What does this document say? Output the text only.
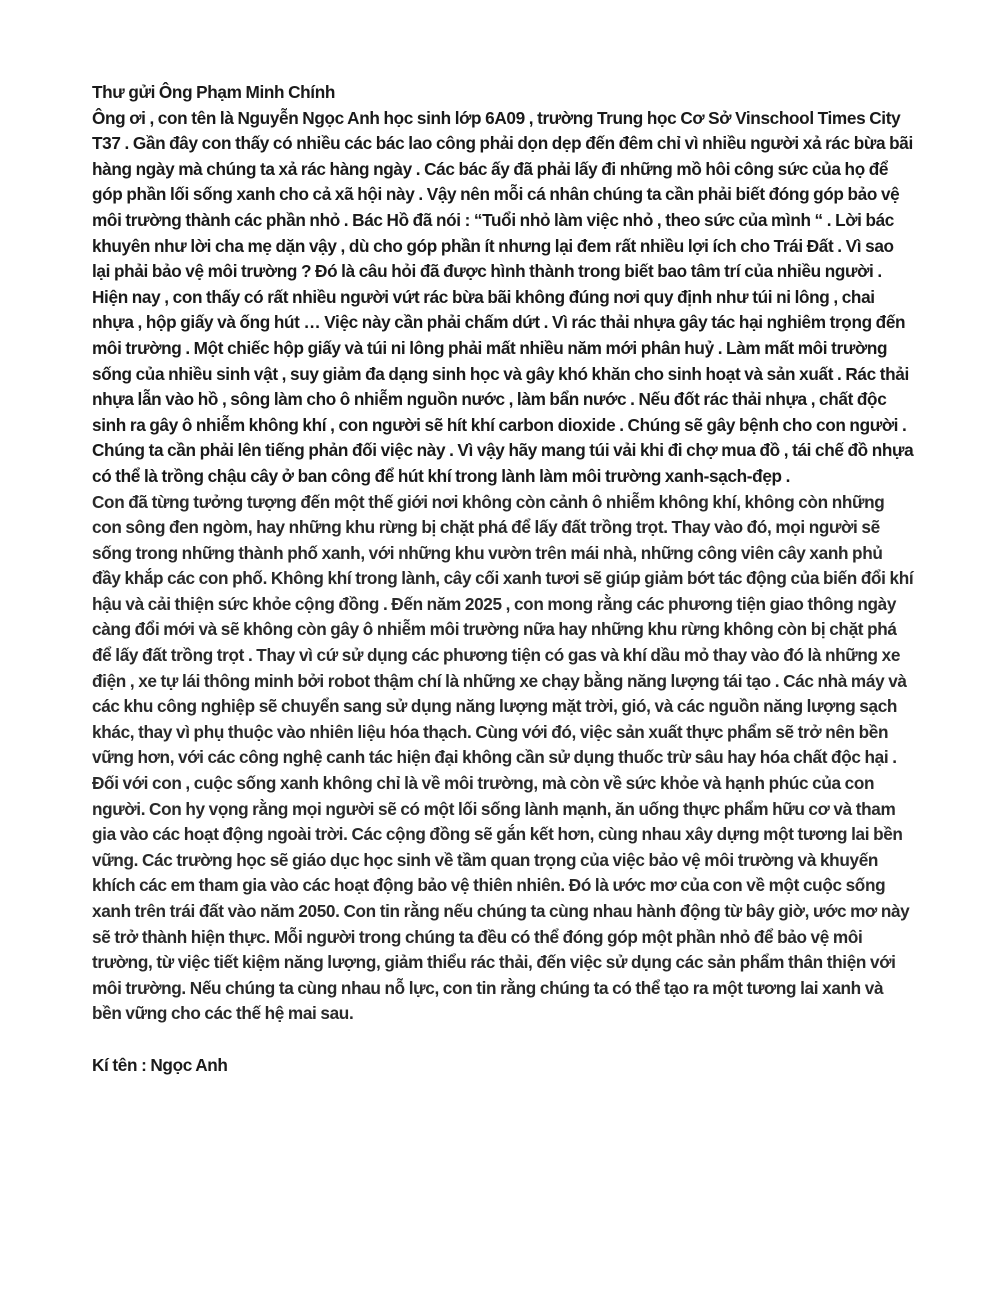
Thư gửi Ông Phạm Minh Chính

Ông ơi , con tên là Nguyễn Ngọc Anh học sinh lớp 6A09 , trường Trung học Cơ Sở Vinschool Times City T37 . Gần đây con thấy có nhiều các bác lao công phải dọn dẹp đến đêm chỉ vì nhiều người xả rác bừa bãi hàng ngày mà chúng ta xả rác hàng ngày . Các bác ấy đã phải lấy đi những mồ hôi công sức của họ để góp phần lối sống xanh cho cả xã hội này . Vậy nên mỗi cá nhân chúng ta cần phải biết đóng góp bảo vệ môi trường thành các phần nhỏ . Bác Hồ đã nói : “Tuổi nhỏ làm việc nhỏ , theo sức của mình “ . Lời bác khuyên như lời cha mẹ dặn vậy , dù cho góp phần ít nhưng lại đem rất nhiều lợi ích cho Trái Đất . Vì sao lại phải bảo vệ môi trường ? Đó là câu hỏi đã được hình thành trong biết bao tâm trí của nhiều người . Hiện nay , con thấy có rất nhiều người vứt rác bừa bãi không đúng nơi quy định như túi ni lông , chai nhựa , hộp giấy và ống hút … Việc này cần phải chấm dứt . Vì rác thải nhựa gây tác hại nghiêm trọng đến môi trường . Một chiếc hộp giấy và túi ni lông phải mất nhiều năm mới phân huỷ . Làm mất môi trường sống của nhiều sinh vật , suy giảm đa dạng sinh học và gây khó khăn cho sinh hoạt và sản xuất . Rác thải nhựa lẫn vào hồ , sông làm cho ô nhiễm nguồn nước , làm bẩn nước . Nếu đốt rác thải nhựa , chất độc sinh ra gây ô nhiễm không khí , con người sẽ hít khí carbon dioxide . Chúng sẽ gây bệnh cho con người . Chúng ta cần phải lên tiếng phản đối việc này . Vì vậy hãy mang túi vải khi đi chợ mua đồ , tái chế đồ nhựa có thể là trồng chậu cây ở ban công để hút khí trong lành làm môi trường xanh-sạch-đẹp .

Con đã từng tưởng tượng đến một thế giới nơi không còn cảnh ô nhiễm không khí, không còn những con sông đen ngòm, hay những khu rừng bị chặt phá để lấy đất trồng trọt. Thay vào đó, mọi người sẽ sống trong những thành phố xanh, với những khu vườn trên mái nhà, những công viên cây xanh phủ đầy khắp các con phố. Không khí trong lành, cây cối xanh tươi sẽ giúp giảm bớt tác động của biến đổi khí hậu và cải thiện sức khỏe cộng đồng . Đến năm 2025 , con mong rằng các phương tiện giao thông ngày càng đổi mới và sẽ không còn gây ô nhiễm môi trường nữa hay những khu rừng không còn bị chặt phá để lấy đất trồng trọt . Thay vì cứ sử dụng các phương tiện có gas và khí dầu mỏ thay vào đó là những xe điện , xe tự lái thông minh bởi robot thậm chí là những xe chạy bằng năng lượng tái tạo . Các nhà máy và các khu công nghiệp sẽ chuyển sang sử dụng năng lượng mặt trời, gió, và các nguồn năng lượng sạch khác, thay vì phụ thuộc vào nhiên liệu hóa thạch. Cùng với đó, việc sản xuất thực phẩm sẽ trở nên bền vững hơn, với các công nghệ canh tác hiện đại không cần sử dụng thuốc trừ sâu hay hóa chất độc hại . Đối với con , cuộc sống xanh không chỉ là về môi trường, mà còn về sức khỏe và hạnh phúc của con người. Con hy vọng rằng mọi người sẽ có một lối sống lành mạnh, ăn uống thực phẩm hữu cơ và tham gia vào các hoạt động ngoài trời. Các cộng đồng sẽ gắn kết hơn, cùng nhau xây dựng một tương lai bền vững. Các trường học sẽ giáo dục học sinh về tầm quan trọng của việc bảo vệ môi trường và khuyến khích các em tham gia vào các hoạt động bảo vệ thiên nhiên. Đó là ước mơ của con về một cuộc sống xanh trên trái đất vào năm 2050. Con tin rằng nếu chúng ta cùng nhau hành động từ bây giờ, ước mơ này sẽ trở thành hiện thực. Mỗi người trong chúng ta đều có thể đóng góp một phần nhỏ để bảo vệ môi trường, từ việc tiết kiệm năng lượng, giảm thiểu rác thải, đến việc sử dụng các sản phẩm thân thiện với môi trường. Nếu chúng ta cùng nhau nỗ lực, con tin rằng chúng ta có thể tạo ra một tương lai xanh và bền vững cho các thế hệ mai sau.

Kí tên : Ngọc Anh
